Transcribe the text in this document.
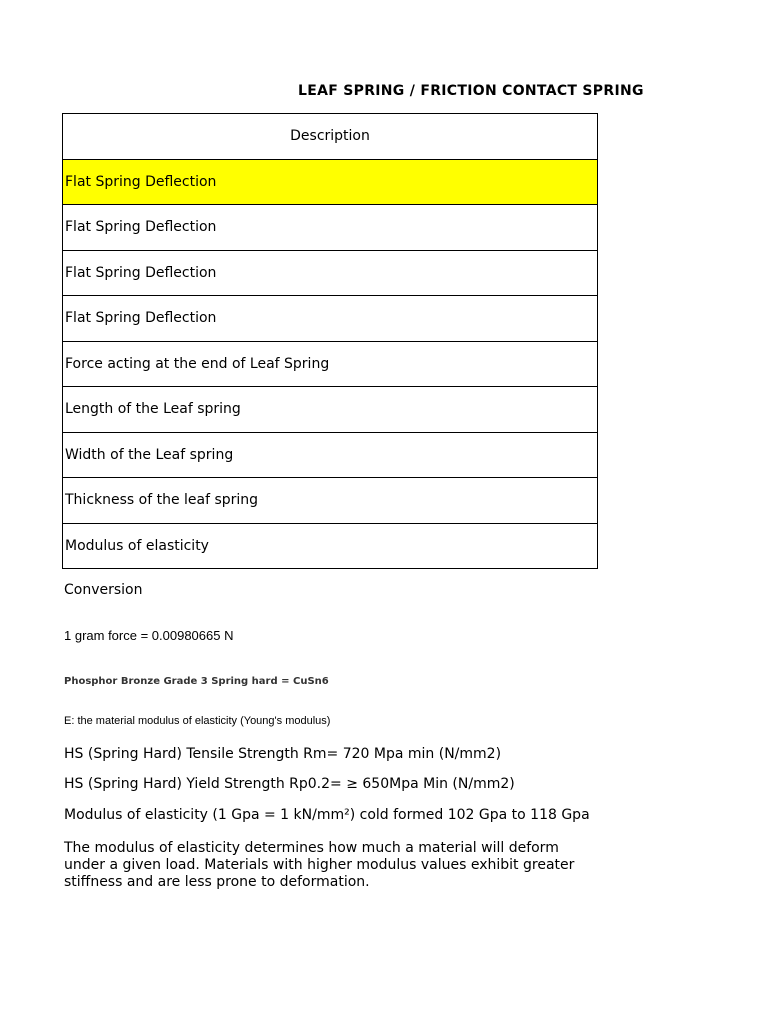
LEAF SPRING / FRICTION CONTACT SPRING
Description
Flat Spring Deflection
Flat Spring Deflection
Flat Spring Deflection
Flat Spring Deflection
Force acting at the end of Leaf Spring
Length of the Leaf spring
Width of the Leaf spring
Thickness of the leaf spring
Modulus of elasticity
Conversion
1 gram force = 0.00980665 N
Phosphor Bronze Grade 3 Spring hard = CuSn6
E: the material modulus of elasticity (Young's modulus)
HS (Spring Hard) Tensile Strength Rm= 720 Mpa min (N/mm2)
HS (Spring Hard) Yield Strength Rp0.2= ≥ 650Mpa Min (N/mm2)
Modulus of elasticity (1 Gpa = 1 kN/mm²) cold formed 102 Gpa to 118 Gpa
The modulus of elasticity determines how much a material will deform under a given load. Materials with higher modulus values exhibit greater stiffness and are less prone to deformation.
